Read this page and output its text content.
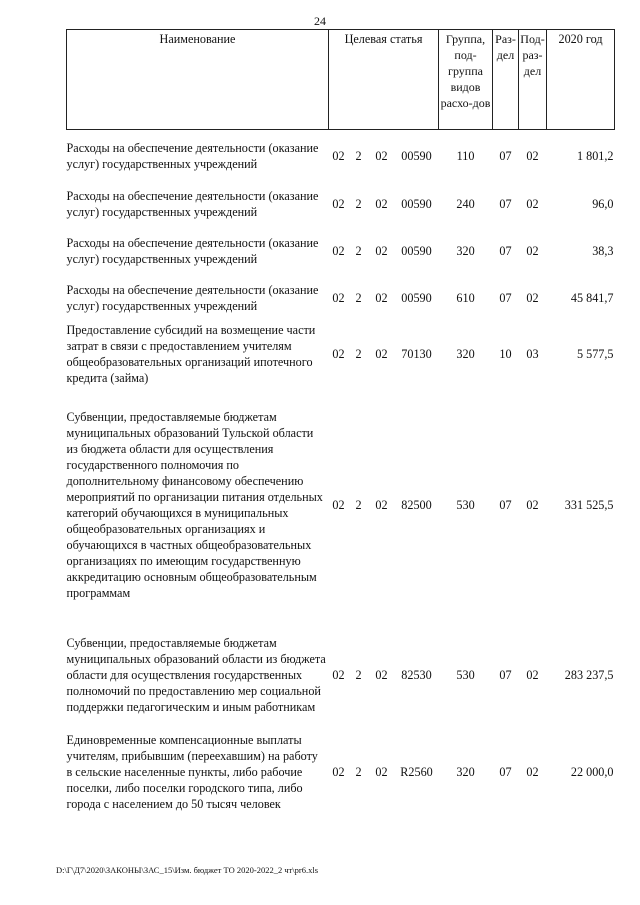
24
Наименование	Целевая статья				Группа, под-группа видов расхо-дов	Раз-дел	Под-раз-дел	2020 год

Расходы на обеспечение деятельности (оказание услуг) государственных учреждений	02	2	02	00590	110	07	02	1 801,2

Расходы на обеспечение деятельности (оказание услуг) государственных учреждений	02	2	02	00590	240	07	02	96,0

Расходы на обеспечение деятельности (оказание услуг) государственных учреждений	02	2	02	00590	320	07	02	38,3

Расходы на обеспечение деятельности (оказание услуг) государственных учреждений	02	2	02	00590	610	07	02	45 841,7

Предоставление субсидий на возмещение части затрат в связи с предоставлением учителям общеобразовательных организаций ипотечного кредита (займа)	02	2	02	70130	320	10	03	5 577,5

Субвенции, предоставляемые бюджетам муниципальных образований Тульской области из бюджета области для осуществления государственного полномочия по дополнительному финансовому обеспечению мероприятий по организации питания отдельных категорий обучающихся в муниципальных общеобразовательных организациях и обучающихся в частных общеобразовательных организациях по имеющим государственную аккредитацию основным общеобразовательным программам	02	2	02	82500	530	07	02	331 525,5

Субвенции, предоставляемые бюджетам муниципальных образований области из бюджета области для осуществления государственных полномочий по предоставлению мер социальной поддержки педагогическим и иным работникам	02	2	02	82530	530	07	02	283 237,5

Единовременные компенсационные выплаты учителям, прибывшим (переехавшим) на работу в сельские населенные пункты, либо рабочие поселки, либо поселки городского типа, либо города с населением до 50 тысяч человек	02	2	02	R2560	320	07	02	22 000,0
D:\Г\Д7\2020\ЗАКОНЫ\ЗАС_15\Изм. бюджет ТО 2020-2022_2 чт\pr6.xls
